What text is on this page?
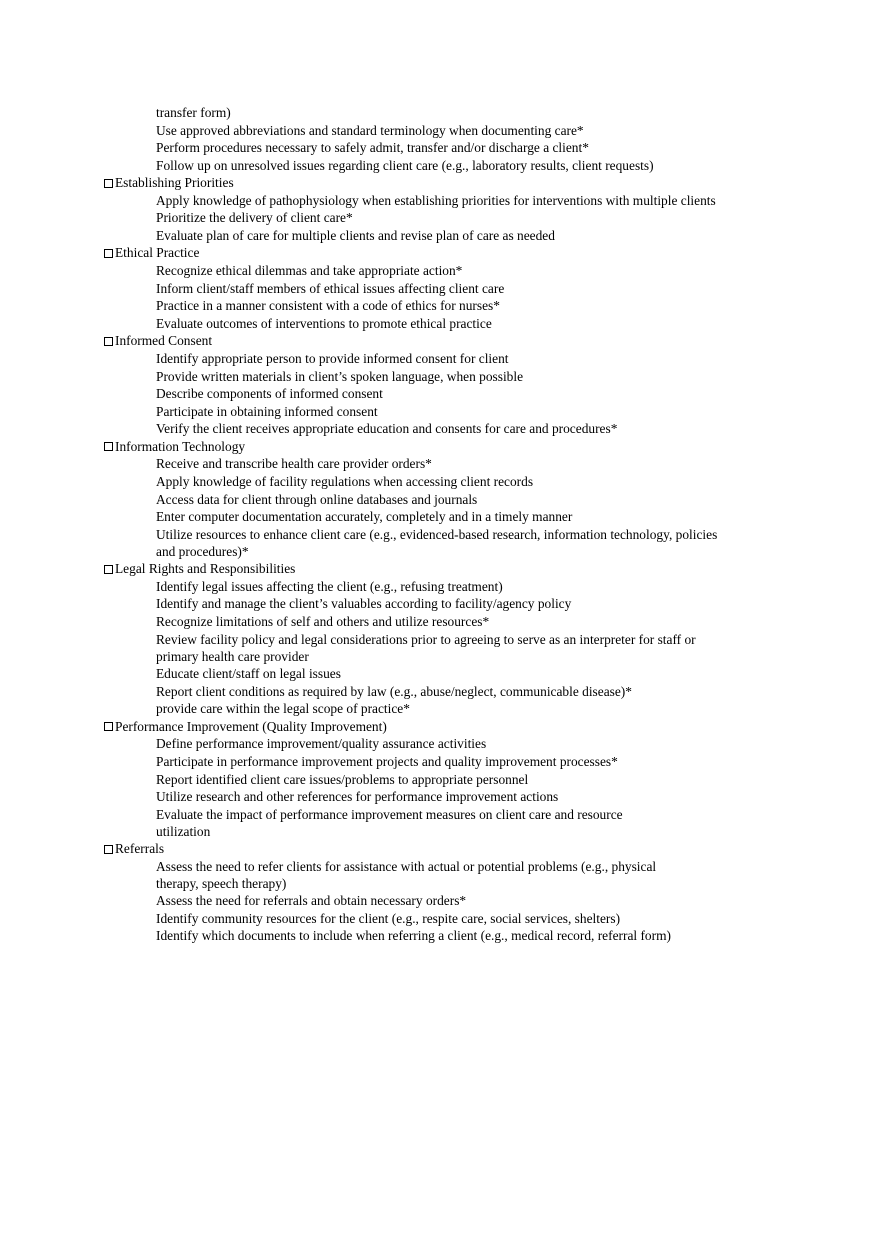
transfer form)
Use approved abbreviations and standard terminology when documenting care*
Perform procedures necessary to safely admit, transfer and/or discharge a client*
Follow up on unresolved issues regarding client care (e.g., laboratory results, client requests)
Establishing Priorities
Apply knowledge of pathophysiology when establishing priorities for interventions with multiple clients
Prioritize the delivery of client care*
Evaluate plan of care for multiple clients and revise plan of care as needed
Ethical Practice
Recognize ethical dilemmas and take appropriate action*
Inform client/staff members of ethical issues affecting client care
Practice in a manner consistent with a code of ethics for nurses*
Evaluate outcomes of interventions to promote ethical practice
Informed Consent
Identify appropriate person to provide informed consent for client
Provide written materials in client’s spoken language, when possible
Describe components of informed consent
Participate in obtaining informed consent
Verify the client receives appropriate education and consents for care and procedures*
Information Technology
Receive and transcribe health care provider orders*
Apply knowledge of facility regulations when accessing client records
Access data for client through online databases and journals
Enter computer documentation accurately, completely and in a timely manner
Utilize resources to enhance client care (e.g., evidenced-based research, information technology, policies and procedures)*
Legal Rights and Responsibilities
Identify legal issues affecting the client (e.g., refusing treatment)
Identify and manage the client’s valuables according to facility/agency policy
Recognize limitations of self and others and utilize resources*
Review facility policy and legal considerations prior to agreeing to serve as an interpreter for staff or primary health care provider
Educate client/staff on legal issues
Report client conditions as required by law (e.g., abuse/neglect, communicable disease)*
provide care within the legal scope of practice*
Performance Improvement (Quality Improvement)
Define performance improvement/quality assurance activities
Participate in performance improvement projects and quality improvement processes*
Report identified client care issues/problems to appropriate personnel
Utilize research and other references for performance improvement actions
Evaluate the impact of performance improvement measures on client care and resource utilization
Referrals
Assess the need to refer clients for assistance with actual or potential problems (e.g., physical therapy, speech therapy)
Assess the need for referrals and obtain necessary orders*
Identify community resources for the client (e.g., respite care, social services, shelters)
Identify which documents to include when referring a client (e.g., medical record, referral form)
